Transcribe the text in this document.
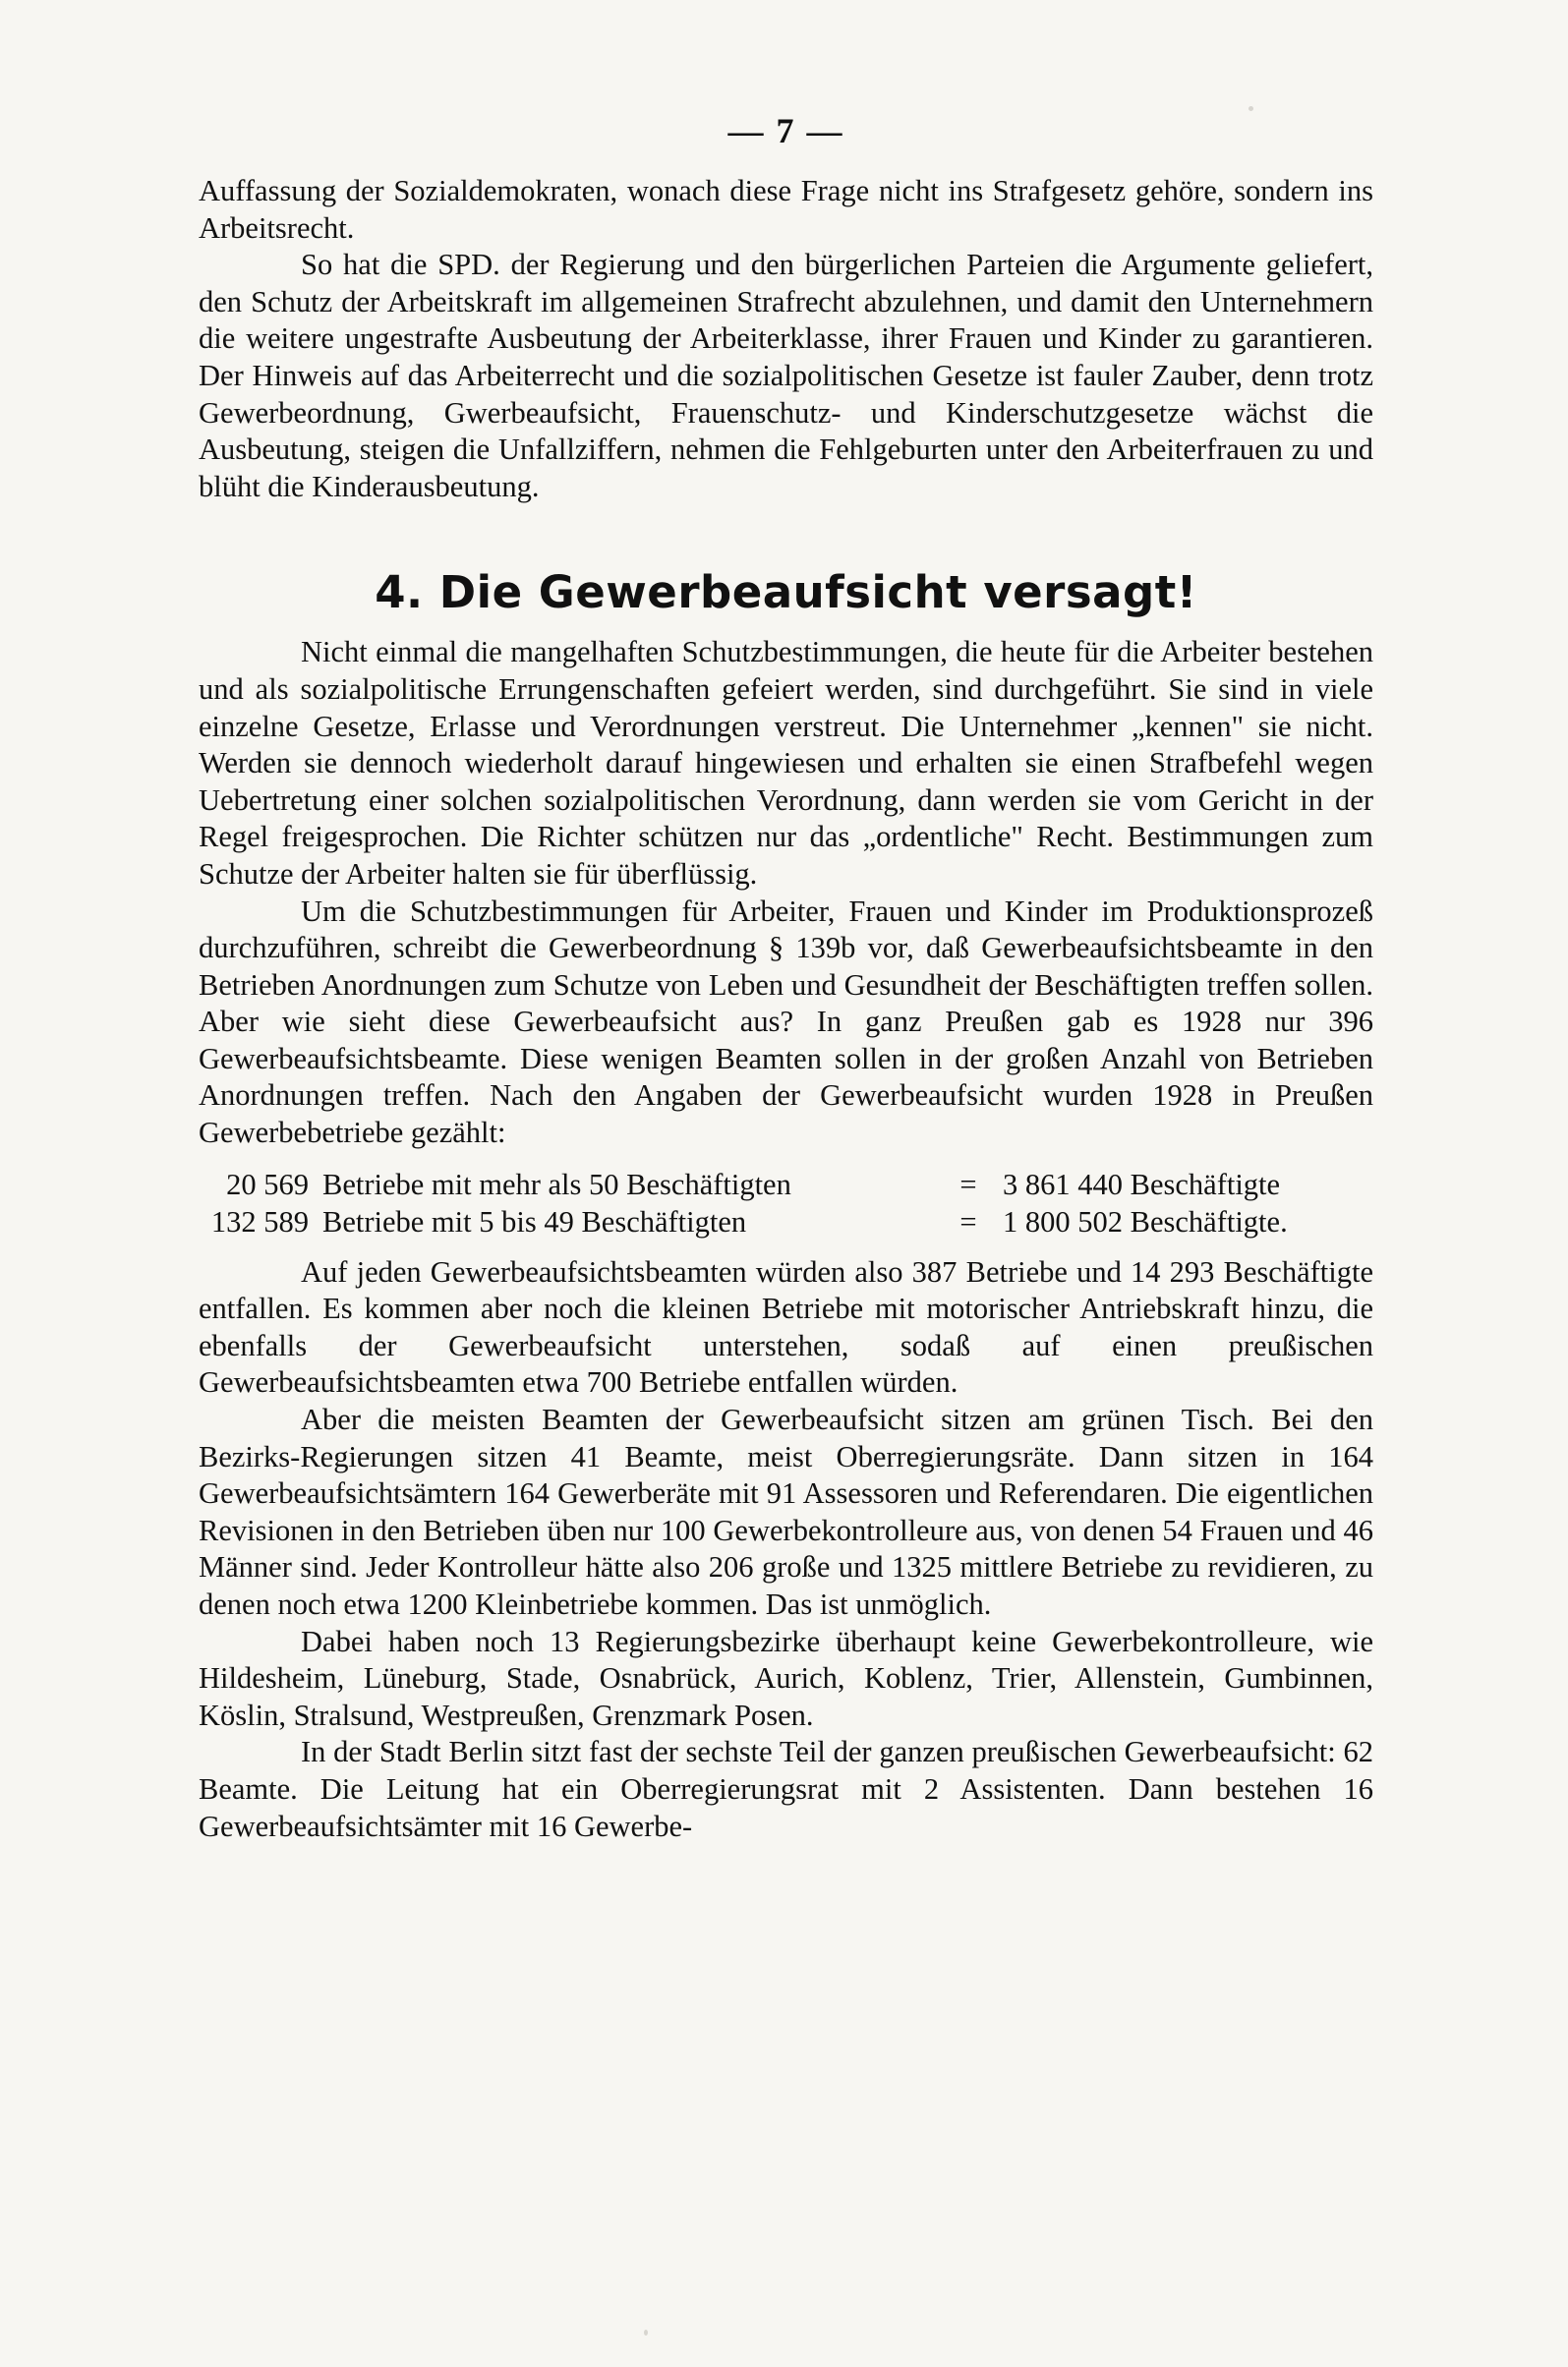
— 7 —

Auffassung der Sozialdemokraten, wonach diese Frage nicht ins Strafgesetz gehöre, sondern ins Arbeitsrecht.

So hat die SPD. der Regierung und den bürgerlichen Parteien die Argumente geliefert, den Schutz der Arbeitskraft im allgemeinen Strafrecht abzulehnen, und damit den Unternehmern die weitere ungestrafte Ausbeutung der Arbeiterklasse, ihrer Frauen und Kinder zu garantieren. Der Hinweis auf das Arbeiterrecht und die sozialpolitischen Gesetze ist fauler Zauber, denn trotz Gewerbeordnung, Gwerbeaufsicht, Frauenschutz- und Kinderschutzgesetze wächst die Ausbeutung, steigen die Unfallziffern, nehmen die Fehlgeburten unter den Arbeiterfrauen zu und blüht die Kinderausbeutung.

4. Die Gewerbeaufsicht versagt!

Nicht einmal die mangelhaften Schutzbestimmungen, die heute für die Arbeiter bestehen und als sozialpolitische Errungenschaften gefeiert werden, sind durchgeführt. Sie sind in viele einzelne Gesetze, Erlasse und Verordnungen verstreut. Die Unternehmer „kennen" sie nicht. Werden sie dennoch wiederholt darauf hingewiesen und erhalten sie einen Strafbefehl wegen Uebertretung einer solchen sozialpolitischen Verordnung, dann werden sie vom Gericht in der Regel freigesprochen. Die Richter schützen nur das „ordentliche" Recht. Bestimmungen zum Schutze der Arbeiter halten sie für überflüssig.

Um die Schutzbestimmungen für Arbeiter, Frauen und Kinder im Produktionsprozeß durchzuführen, schreibt die Gewerbeordnung § 139b vor, daß Gewerbeaufsichtsbeamte in den Betrieben Anordnungen zum Schutze von Leben und Gesundheit der Beschäftigten treffen sollen. Aber wie sieht diese Gewerbeaufsicht aus? In ganz Preußen gab es 1928 nur 396 Gewerbeaufsichtsbeamte. Diese wenigen Beamten sollen in der großen Anzahl von Betrieben Anordnungen treffen. Nach den Angaben der Gewerbeaufsicht wurden 1928 in Preußen Gewerbebetriebe gezählt:

20 569 Betriebe mit mehr als 50 Beschäftigten	= 3 861 440 Beschäftigte
132 589 Betriebe mit 5 bis 49 Beschäftigten	= 1 800 502 Beschäftigte.

Auf jeden Gewerbeaufsichtsbeamten würden also 387 Betriebe und 14 293 Beschäftigte entfallen. Es kommen aber noch die kleinen Betriebe mit motorischer Antriebskraft hinzu, die ebenfalls der Gewerbeaufsicht unterstehen, sodaß auf einen preußischen Gewerbeaufsichtsbeamten etwa 700 Betriebe entfallen würden.

Aber die meisten Beamten der Gewerbeaufsicht sitzen am grünen Tisch. Bei den Bezirks-Regierungen sitzen 41 Beamte, meist Oberregierungsräte. Dann sitzen in 164 Gewerbeaufsichtsämtern 164 Gewerberäte mit 91 Assessoren und Referendaren. Die eigentlichen Revisionen in den Betrieben üben nur 100 Gewerbekontrolleure aus, von denen 54 Frauen und 46 Männer sind. Jeder Kontrolleur hätte also 206 große und 1325 mittlere Betriebe zu revidieren, zu denen noch etwa 1200 Kleinbetriebe kommen. Das ist unmöglich.

Dabei haben noch 13 Regierungsbezirke überhaupt keine Gewerbekontrolleure, wie Hildesheim, Lüneburg, Stade, Osnabrück, Aurich, Koblenz, Trier, Allenstein, Gumbinnen, Köslin, Stralsund, Westpreußen, Grenzmark Posen.

In der Stadt Berlin sitzt fast der sechste Teil der ganzen preußischen Gewerbeaufsicht: 62 Beamte. Die Leitung hat ein Oberregierungsrat mit 2 Assistenten. Dann bestehen 16 Gewerbeaufsichtsämter mit 16 Gewerbe-
